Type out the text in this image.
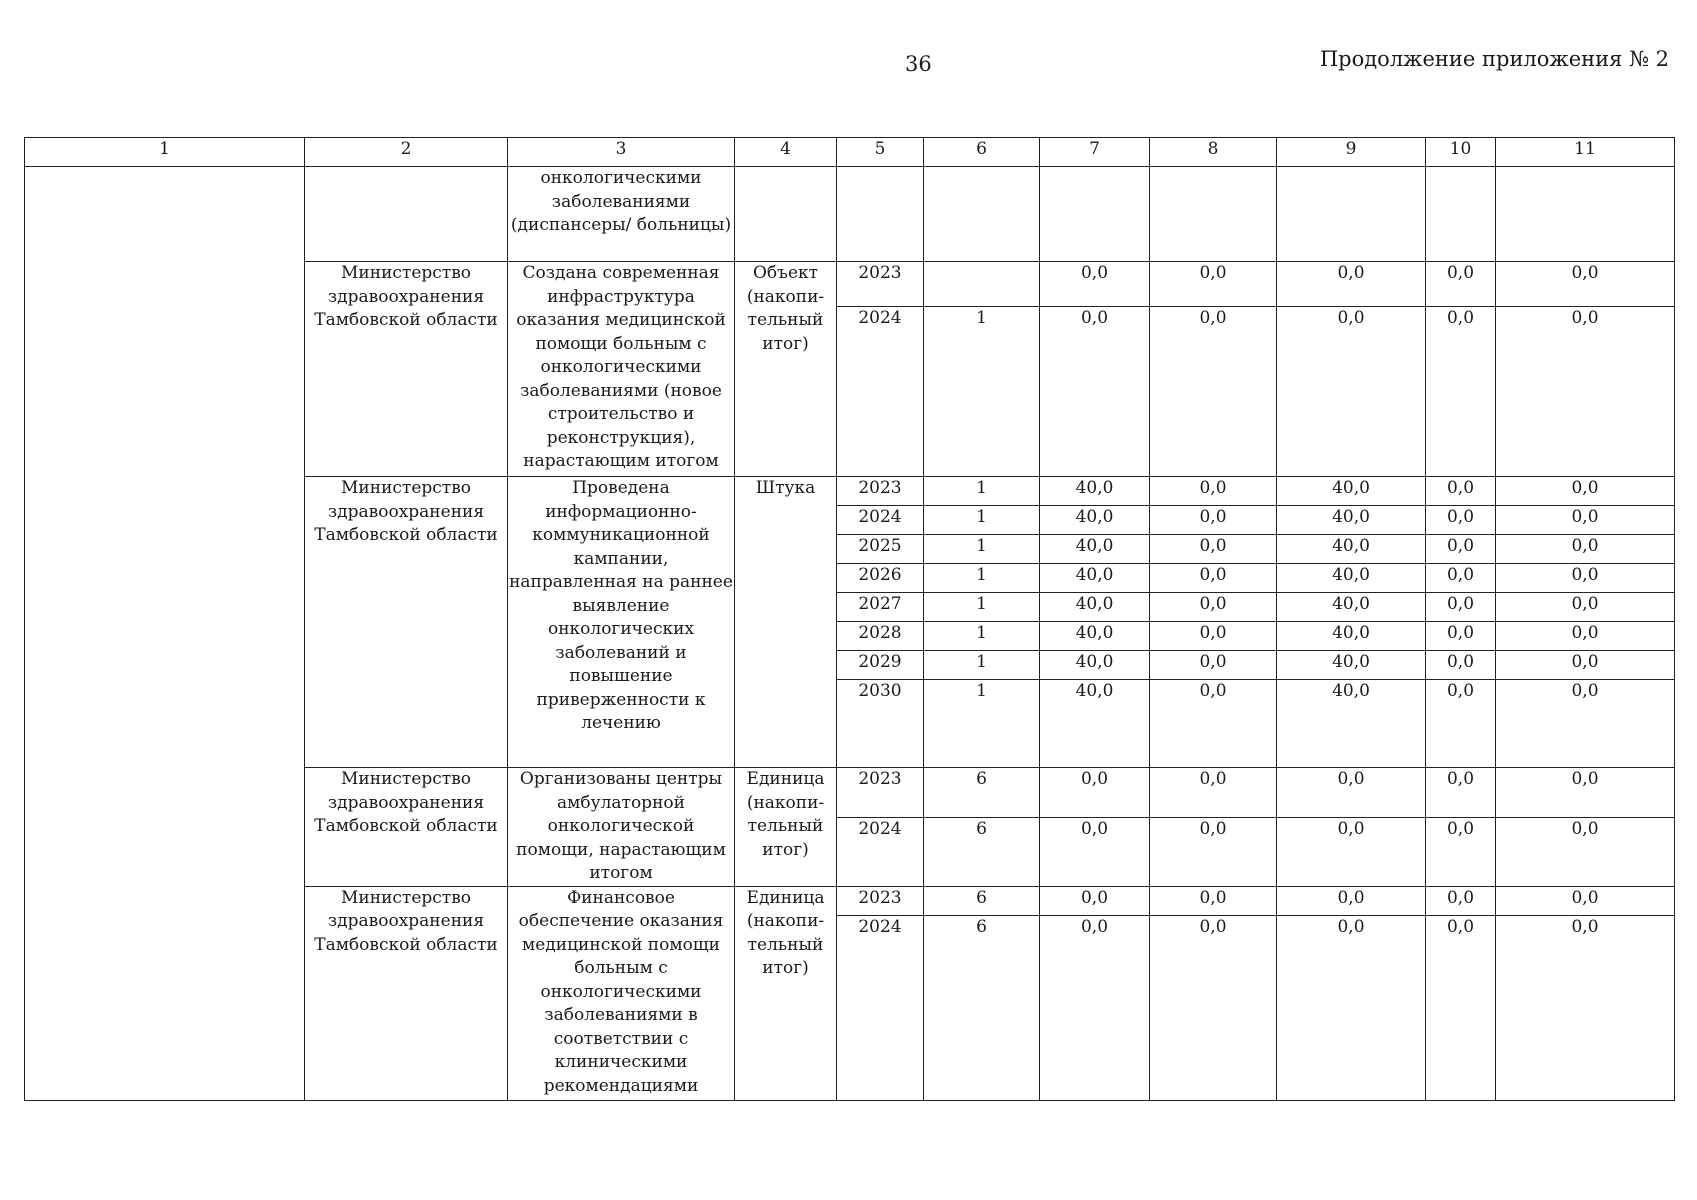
36	Продолжение приложения № 2
1	2	3	4	5	6	7	8	9	10	11
		онкологическими заболеваниями (диспансеры/ больницы)								
	Министерство здравоохранения Тамбовской области	Создана современная инфраструктура оказания медицинской помощи больным с онкологическими заболеваниями (новое строительство и реконструкция), нарастающим итогом	Объект (накопи-тельный итог)	2023		0,0	0,0	0,0	0,0	0,0
				2024	1	0,0	0,0	0,0	0,0	0,0
	Министерство здравоохранения Тамбовской области	Проведена информационно-коммуникационной кампании, направленная на раннее выявление онкологических заболеваний и повышение приверженности к лечению	Штука	2023	1	40,0	0,0	40,0	0,0	0,0
				2024	1	40,0	0,0	40,0	0,0	0,0
				2025	1	40,0	0,0	40,0	0,0	0,0
				2026	1	40,0	0,0	40,0	0,0	0,0
				2027	1	40,0	0,0	40,0	0,0	0,0
				2028	1	40,0	0,0	40,0	0,0	0,0
				2029	1	40,0	0,0	40,0	0,0	0,0
				2030	1	40,0	0,0	40,0	0,0	0,0
	Министерство здравоохранения Тамбовской области	Организованы центры амбулаторной онкологической помощи, нарастающим итогом	Единица (накопи-тельный итог)	2023	6	0,0	0,0	0,0	0,0	0,0
				2024	6	0,0	0,0	0,0	0,0	0,0
	Министерство здравоохранения Тамбовской области	Финансовое обеспечение оказания медицинской помощи больным с онкологическими заболеваниями в соответствии с клиническими рекомендациями	Единица (накопи-тельный итог)	2023	6	0,0	0,0	0,0	0,0	0,0
				2024	6	0,0	0,0	0,0	0,0	0,0
